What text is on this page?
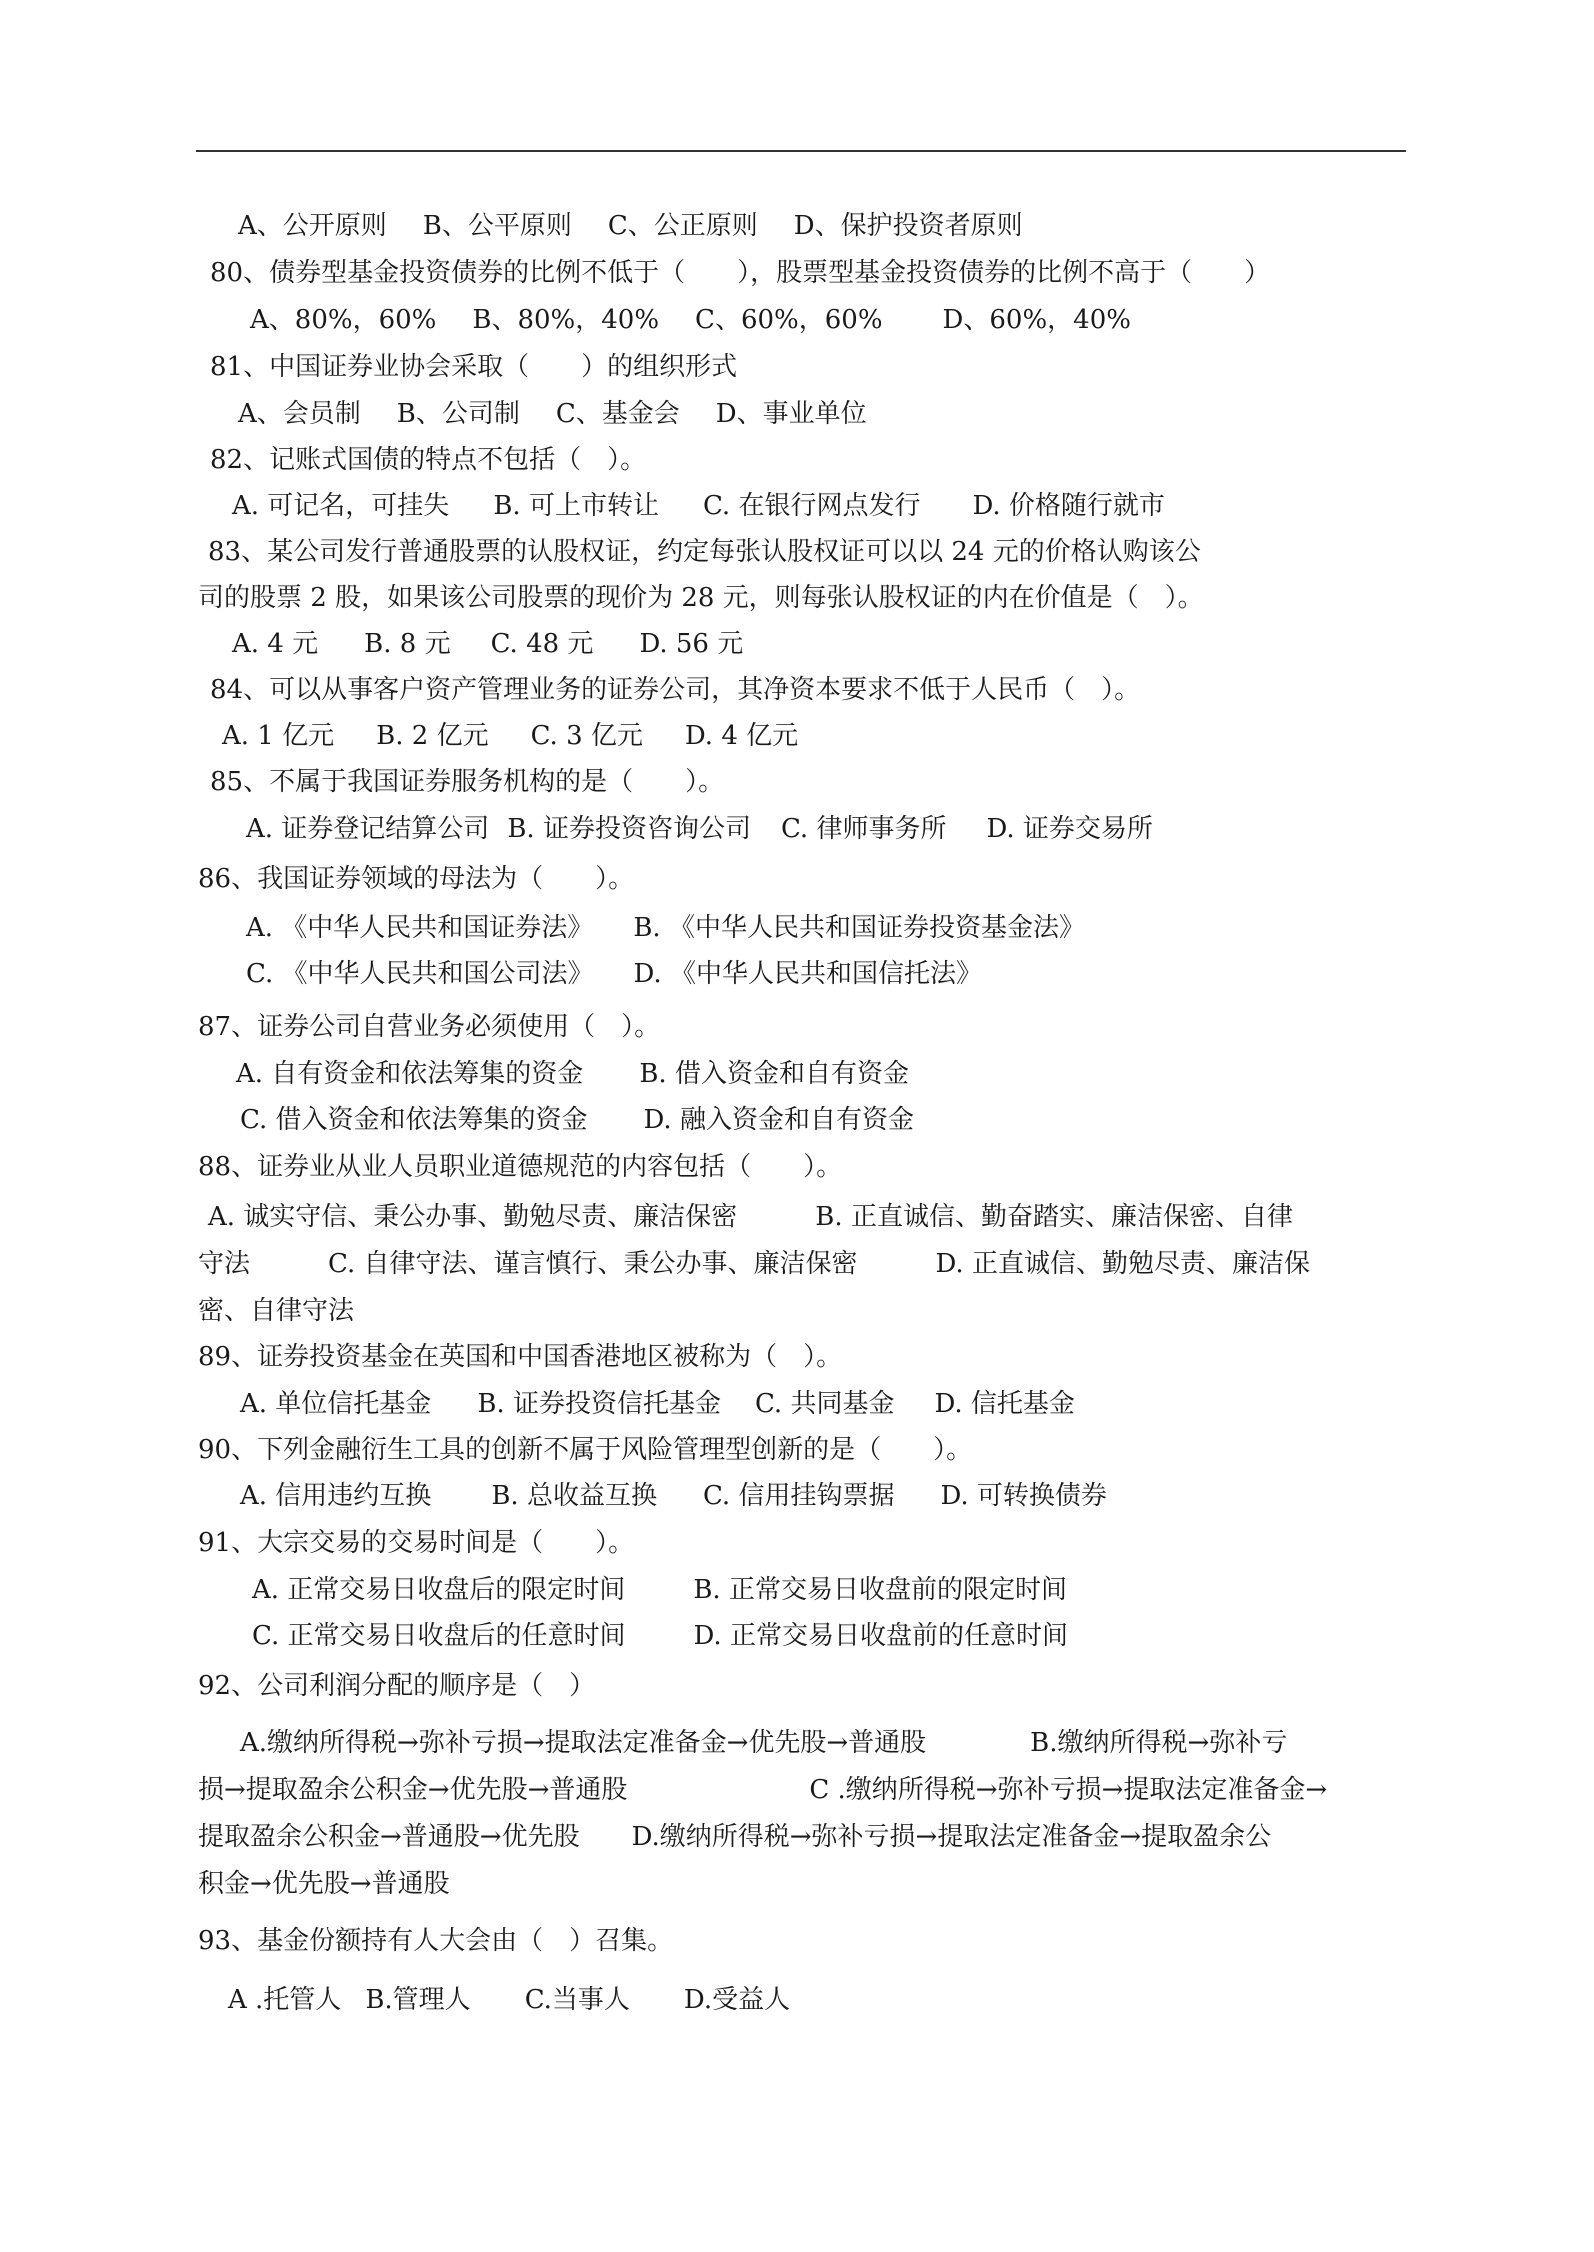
A、公开原则 B、公平原则 C、公正原则 D、保护投资者原则
80、债券型基金投资债券的比例不低于（　　），股票型基金投资债券的比例不高于（　　）
A、80%，60% B、80%，40% C、60%，60% D、60%，40%
81、中国证券业协会采取（　　）的组织形式
A、会员制 B、公司制 C、基金会 D、事业单位
82、记账式国债的特点不包括（　）。
A. 可记名，可挂失 B. 可上市转让 C. 在银行网点发行 D. 价格随行就市
83、某公司发行普通股票的认股权证，约定每张认股权证可以以 24 元的价格认购该公
司的股票 2 股，如果该公司股票的现价为 28 元，则每张认股权证的内在价值是（　）。
A. 4 元 B. 8 元 C. 48 元 D. 56 元
84、可以从事客户资产管理业务的证券公司，其净资本要求不低于人民币（　）。
A. 1 亿元 B. 2 亿元 C. 3 亿元 D. 4 亿元
85、不属于我国证券服务机构的是（　　）。
A. 证券登记结算公司 B. 证券投资咨询公司 C. 律师事务所 D. 证券交易所
86、我国证券领域的母法为（　　）。
A. 《中华人民共和国证券法》 B. 《中华人民共和国证券投资基金法》
C. 《中华人民共和国公司法》 D. 《中华人民共和国信托法》
87、证券公司自营业务必须使用（　）。
A. 自有资金和依法筹集的资金 B. 借入资金和自有资金
C. 借入资金和依法筹集的资金 D. 融入资金和自有资金
88、证券业从业人员职业道德规范的内容包括（　　）。
A. 诚实守信、秉公办事、勤勉尽责、廉洁保密　　　B. 正直诚信、勤奋踏实、廉洁保密、自律
守法　　　C. 自律守法、谨言慎行、秉公办事、廉洁保密　　　D. 正直诚信、勤勉尽责、廉洁保
密、自律守法
89、证券投资基金在英国和中国香港地区被称为（　）。
A. 单位信托基金 B. 证券投资信托基金 C. 共同基金 D. 信托基金
90、下列金融衍生工具的创新不属于风险管理型创新的是（　　）。
A. 信用违约互换 B. 总收益互换 C. 信用挂钩票据 D. 可转换债券
91、大宗交易的交易时间是（　　）。
A. 正常交易日收盘后的限定时间	B. 正常交易日收盘前的限定时间
C. 正常交易日收盘后的任意时间	D. 正常交易日收盘前的任意时间
92、公司利润分配的顺序是（　）
A.缴纳所得税→弥补亏损→提取法定准备金→优先股→普通股　　　　B.缴纳所得税→弥补亏
损→提取盈余公积金→优先股→普通股　　　　　　　C .缴纳所得税→弥补亏损→提取法定准备金→
提取盈余公积金→普通股→优先股　　D.缴纳所得税→弥补亏损→提取法定准备金→提取盈余公
积金→优先股→普通股
93、基金份额持有人大会由（　）召集。
A .托管人 B.管理人 C.当事人 D.受益人
